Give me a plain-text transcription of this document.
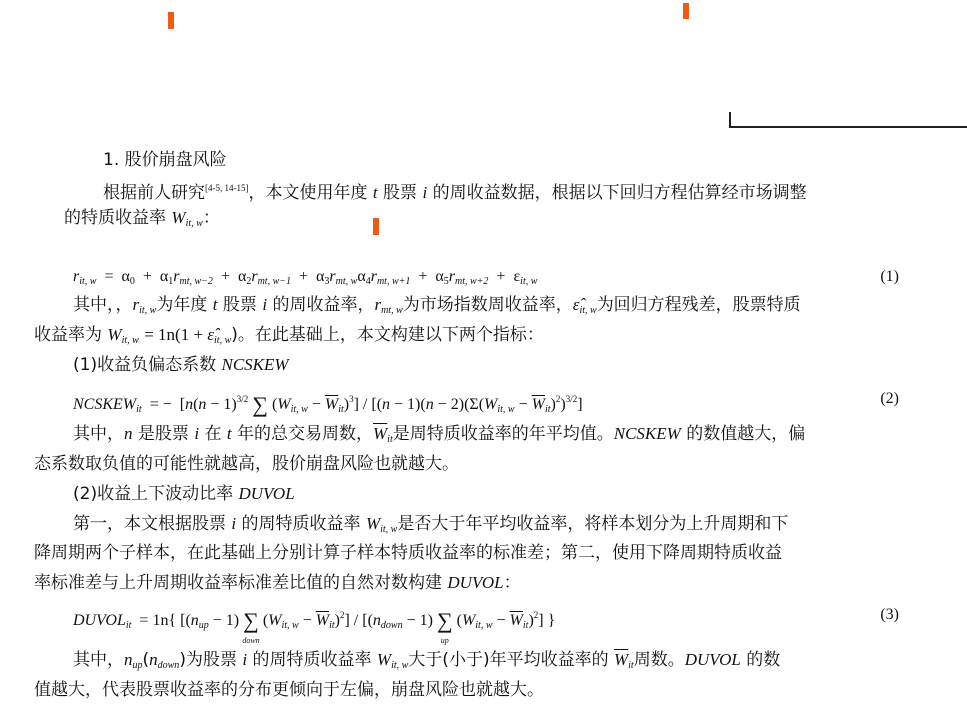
1. 股价崩盘风险
根据前人研究[4-5, 14-15]，本文使用年度 t 股票 i 的周收益数据，根据以下回归方程估算经市场调整
的特质收益率 $W_{it, w}$：
$r_{it, w} = \alpha_0 + \alpha_1r_{mt, w-2} + \alpha_2r_{mt, w-1} + \alpha_3r_{mt, w}\alpha_4r_{mt, w+1} + \alpha_5r_{mt, w+2} + \varepsilon_{it, w}$	(1)
其中，，$r_{it, w}$为年度 t 股票 i 的周收益率，$r_{mt, w}$为市场指数周收益率，$\varepsilon̂_{it, w}$为回归方程残差，股票特质
收益率为 $W_{it, w} = 1n(1$ + $\varepsilon̂_{it, w}$)。在此基础上，本文构建以下两个指标：
(1)收益负偏态系数 NCSKEW
$NCSKEW_{it}$  = −  [$n(n - 1)^{3/2}$ ∑ $(W_{it, w} - \overline{W}_{it})^3] / [(n - 1)(n - 2)(\Sigma(W_{it, w} - \overline{W}_{it})^2)^{3/2}]$	(2)
其中，n 是股票 i 在 t 年的总交易周数，$\overline{W}_{it}$是周特质收益率的年平均值。NCSKEW 的数值越大，偏
态系数取负值的可能性就越高，股价崩盘风险也就越大。
(2)收益上下波动比率 DUVOL
第一，本文根据股票 i 的周特质收益率 $W_{it, w}$是否大于年平均收益率，将样本划分为上升周期和下
降周期两个子样本，在此基础上分别计算子样本特质收益率的标准差；第二，使用下降周期特质收益
率标准差与上升周期收益率标准差比值的自然对数构建 DUVOL：
$DUVOL_{it} = 1n${ [$(n_{up} - 1)$ ∑
down
$(W_{it, w} - \overline{W}_{it})^2] / [(n_{down} - 1)$ ∑
up
$(W_{it, w} - \overline{W}_{it})^2$] }	(3)
其中，$n_{up}(n_{down})$为股票 i 的周特质收益率 $W_{it, w}$大于(小于)年平均收益率的 $\overline{W}_{it}$周数。DUVOL 的数
值越大，代表股票收益率的分布更倾向于左偏，崩盘风险也就越大。
